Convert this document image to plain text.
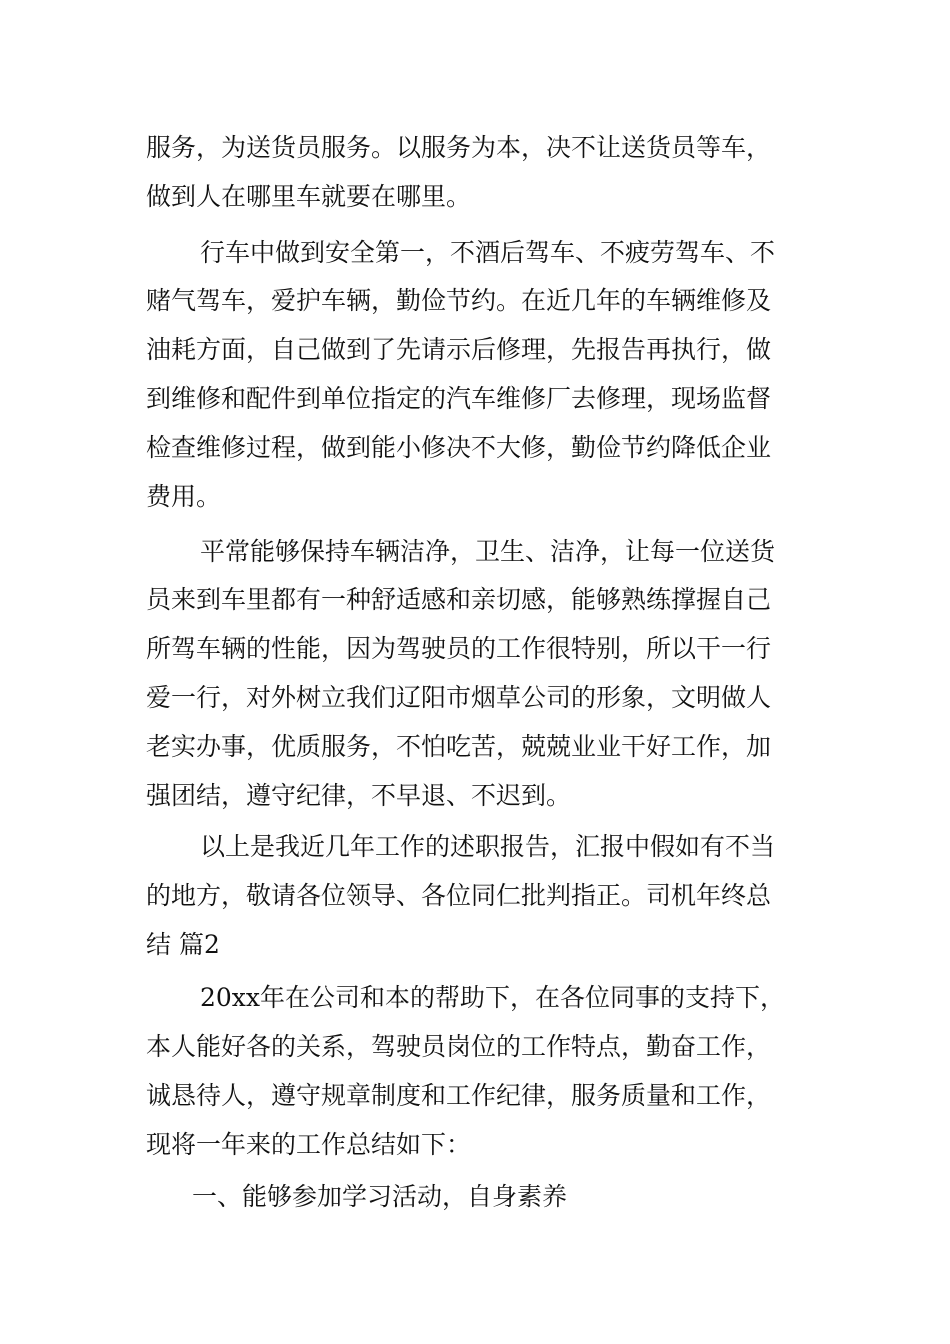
服务，为送货员服务。以服务为本，决不让送货员等车，
做到人在哪里车就要在哪里。
行车中做到安全第一，不酒后驾车、不疲劳驾车、不
赌气驾车，爱护车辆，勤俭节约。在近几年的车辆维修及
油耗方面，自己做到了先请示后修理，先报告再执行，做
到维修和配件到单位指定的汽车维修厂去修理，现场监督
检查维修过程，做到能小修决不大修，勤俭节约降低企业
费用。
平常能够保持车辆洁净，卫生、洁净，让每一位送货
员来到车里都有一种舒适感和亲切感，能够熟练撑握自己
所驾车辆的性能，因为驾驶员的工作很特别，所以干一行
爱一行，对外树立我们辽阳市烟草公司的形象，文明做人
老实办事，优质服务，不怕吃苦，兢兢业业干好工作，加
强团结，遵守纪律，不早退、不迟到。
以上是我近几年工作的述职报告，汇报中假如有不当
的地方，敬请各位领导、各位同仁批判指正。司机年终总
结 篇2
20xx年在公司和本的帮助下，在各位同事的支持下，
本人能好各的关系，驾驶员岗位的工作特点，勤奋工作，
诚恳待人，遵守规章制度和工作纪律，服务质量和工作，
现将一年来的工作总结如下：
一、能够参加学习活动，自身素养
